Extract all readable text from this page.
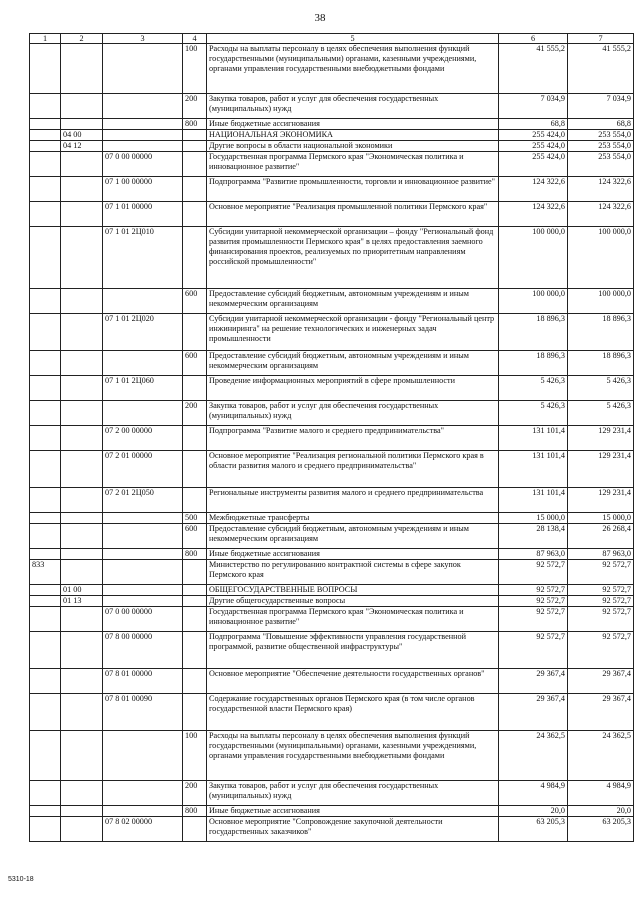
38
1	2	3	4	5	6	7
			100	Расходы на выплаты персоналу в целях обеспечения выполнения функций государственными (муниципальными) органами, казенными учреждениями, органами управления государственными внебюджетными фондами	41 555,2	41 555,2
			200	Закупка товаров, работ и услуг для обеспечения государственных (муниципальных) нужд	7 034,9	7 034,9
			800	Иные бюджетные ассигнования	68,8	68,8
	04 00			НАЦИОНАЛЬНАЯ ЭКОНОМИКА	255 424,0	253 554,0
	04 12			Другие вопросы в области национальной экономики	255 424,0	253 554,0
		07 0 00 00000		Государственная программа Пермского края "Экономическая политика и инновационное развитие"	255 424,0	253 554,0
		07 1 00 00000		Подпрограмма "Развитие промышленности, торговли и инновационное развитие"	124 322,6	124 322,6
		07 1 01 00000		Основное мероприятие "Реализация промышленной политики Пермского края"	124 322,6	124 322,6
		07 1 01 2Ц010		Субсидии унитарной некоммерческой организации – фонду "Региональный фонд развития промышленности Пермского края" в целях предоставления заемного финансирования проектов, реализуемых по приоритетным направлениям российской промышленности"	100 000,0	100 000,0
			600	Предоставление субсидий бюджетным, автономным учреждениям и иным некоммерческим организациям	100 000,0	100 000,0
		07 1 01 2Ц020		Субсидии унитарной некоммерческой организации - фонду "Региональный центр инжиниринга" на решение технологических и инженерных задач промышленности	18 896,3	18 896,3
			600	Предоставление субсидий бюджетным, автономным учреждениям и иным некоммерческим организациям	18 896,3	18 896,3
		07 1 01 2Ц060		Проведение информационных мероприятий в сфере промышленности	5 426,3	5 426,3
			200	Закупка товаров, работ и услуг для обеспечения государственных (муниципальных) нужд	5 426,3	5 426,3
		07 2 00 00000		Подпрограмма "Развитие малого и среднего предпринимательства"	131 101,4	129 231,4
		07 2 01 00000		Основное мероприятие "Реализация региональной политики Пермского края в области развития малого и среднего предпринимательства"	131 101,4	129 231,4
		07 2 01 2Ц050		Региональные инструменты развития малого и среднего предпринимательства	131 101,4	129 231,4
			500	Межбюджетные трансферты	15 000,0	15 000,0
			600	Предоставление субсидий бюджетным, автономным учреждениям и иным некоммерческим организациям	28 138,4	26 268,4
			800	Иные бюджетные ассигнования	87 963,0	87 963,0
833				Министерство по регулированию контрактной системы в сфере закупок Пермского края	92 572,7	92 572,7
	01 00			ОБЩЕГОСУДАРСТВЕННЫЕ ВОПРОСЫ	92 572,7	92 572,7
	01 13			Другие общегосударственные вопросы	92 572,7	92 572,7
		07 0 00 00000		Государственная программа Пермского края "Экономическая политика и инновационное развитие"	92 572,7	92 572,7
		07 8 00 00000		Подпрограмма "Повышение эффективности управления государственной программой, развитие общественной инфраструктуры"	92 572,7	92 572,7
		07 8 01 00000		Основное мероприятие "Обеспечение деятельности государственных органов"	29 367,4	29 367,4
		07 8 01 00090		Содержание государственных органов Пермского края (в том числе органов государственной власти Пермского края)	29 367,4	29 367,4
			100	Расходы на выплаты персоналу в целях обеспечения выполнения функций государственными (муниципальными) органами, казенными учреждениями, органами управления государственными внебюджетными фондами	24 362,5	24 362,5
			200	Закупка товаров, работ и услуг для обеспечения государственных (муниципальных) нужд	4 984,9	4 984,9
			800	Иные бюджетные ассигнования	20,0	20,0
		07 8 02 00000		Основное мероприятие "Сопровождение закупочной деятельности государственных заказчиков"	63 205,3	63 205,3
5310-18
